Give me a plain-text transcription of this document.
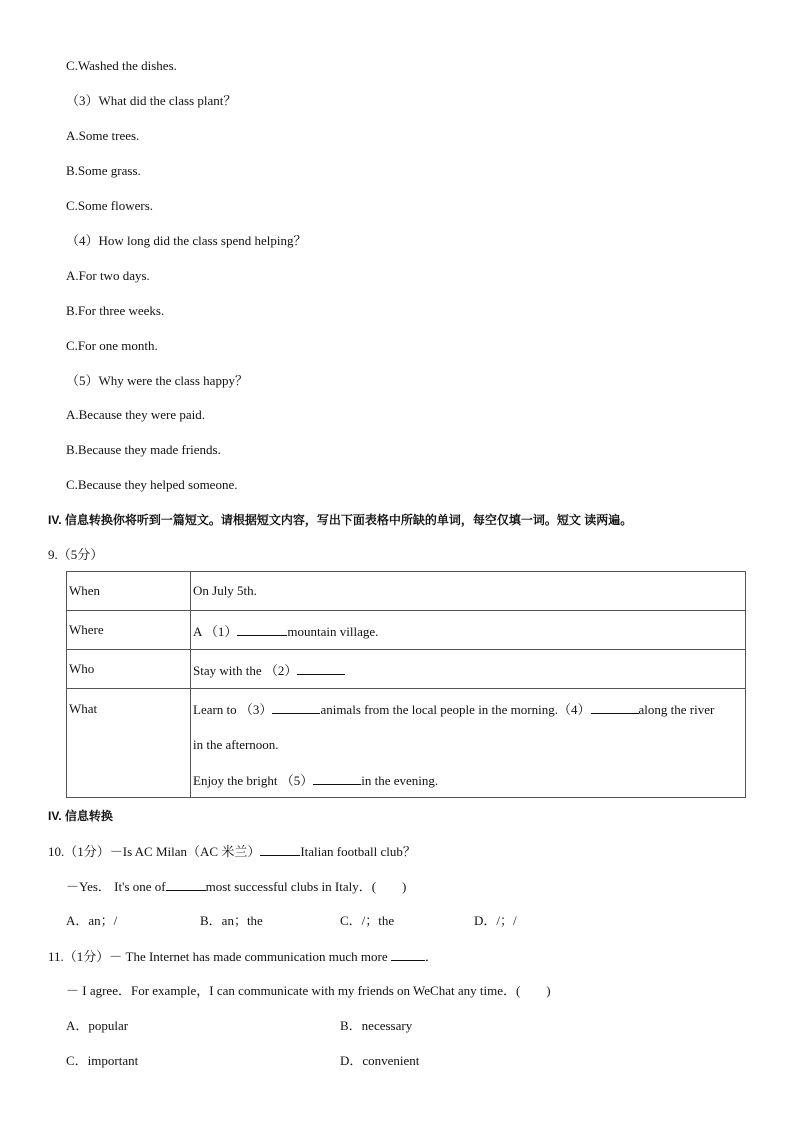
C.Washed the dishes.
（3）What did the class plant？
A.Some trees.
B.Some grass.
C.Some flowers.
（4）How long did the class spend helping？
A.For two days.
B.For three weeks.
C.For one month.
（5）Why were the class happy？
A.Because they were paid.
B.Because they made friends.
C.Because they helped someone.
IV. 信息转换你将听到一篇短文。请根据短文内容，写出下面表格中所缺的单词，每空仅填一词。短文 读两遍。
9.（5分）
When	On July 5th.
Where	A （1） mountain village.
Who	Stay with the （2）
What	Learn to （3） animals from the local people in the morning.（4） along the river
in the afternoon.
Enjoy the bright （5） in the evening.
IV. 信息转换
10.（1分）－Is AC Milan（AC 米兰）	Italian football club？
－Yes． It's one of	most successful clubs in Italy．(　　)
A．an；/	B．an；the	C．/；the	D．/；/
11.（1分）－ The Internet has made communication much more	．
－ I agree．For example，I can communicate with my friends on WeChat any time．(　　)
A．popular	B．necessary
C．important	D．convenient
